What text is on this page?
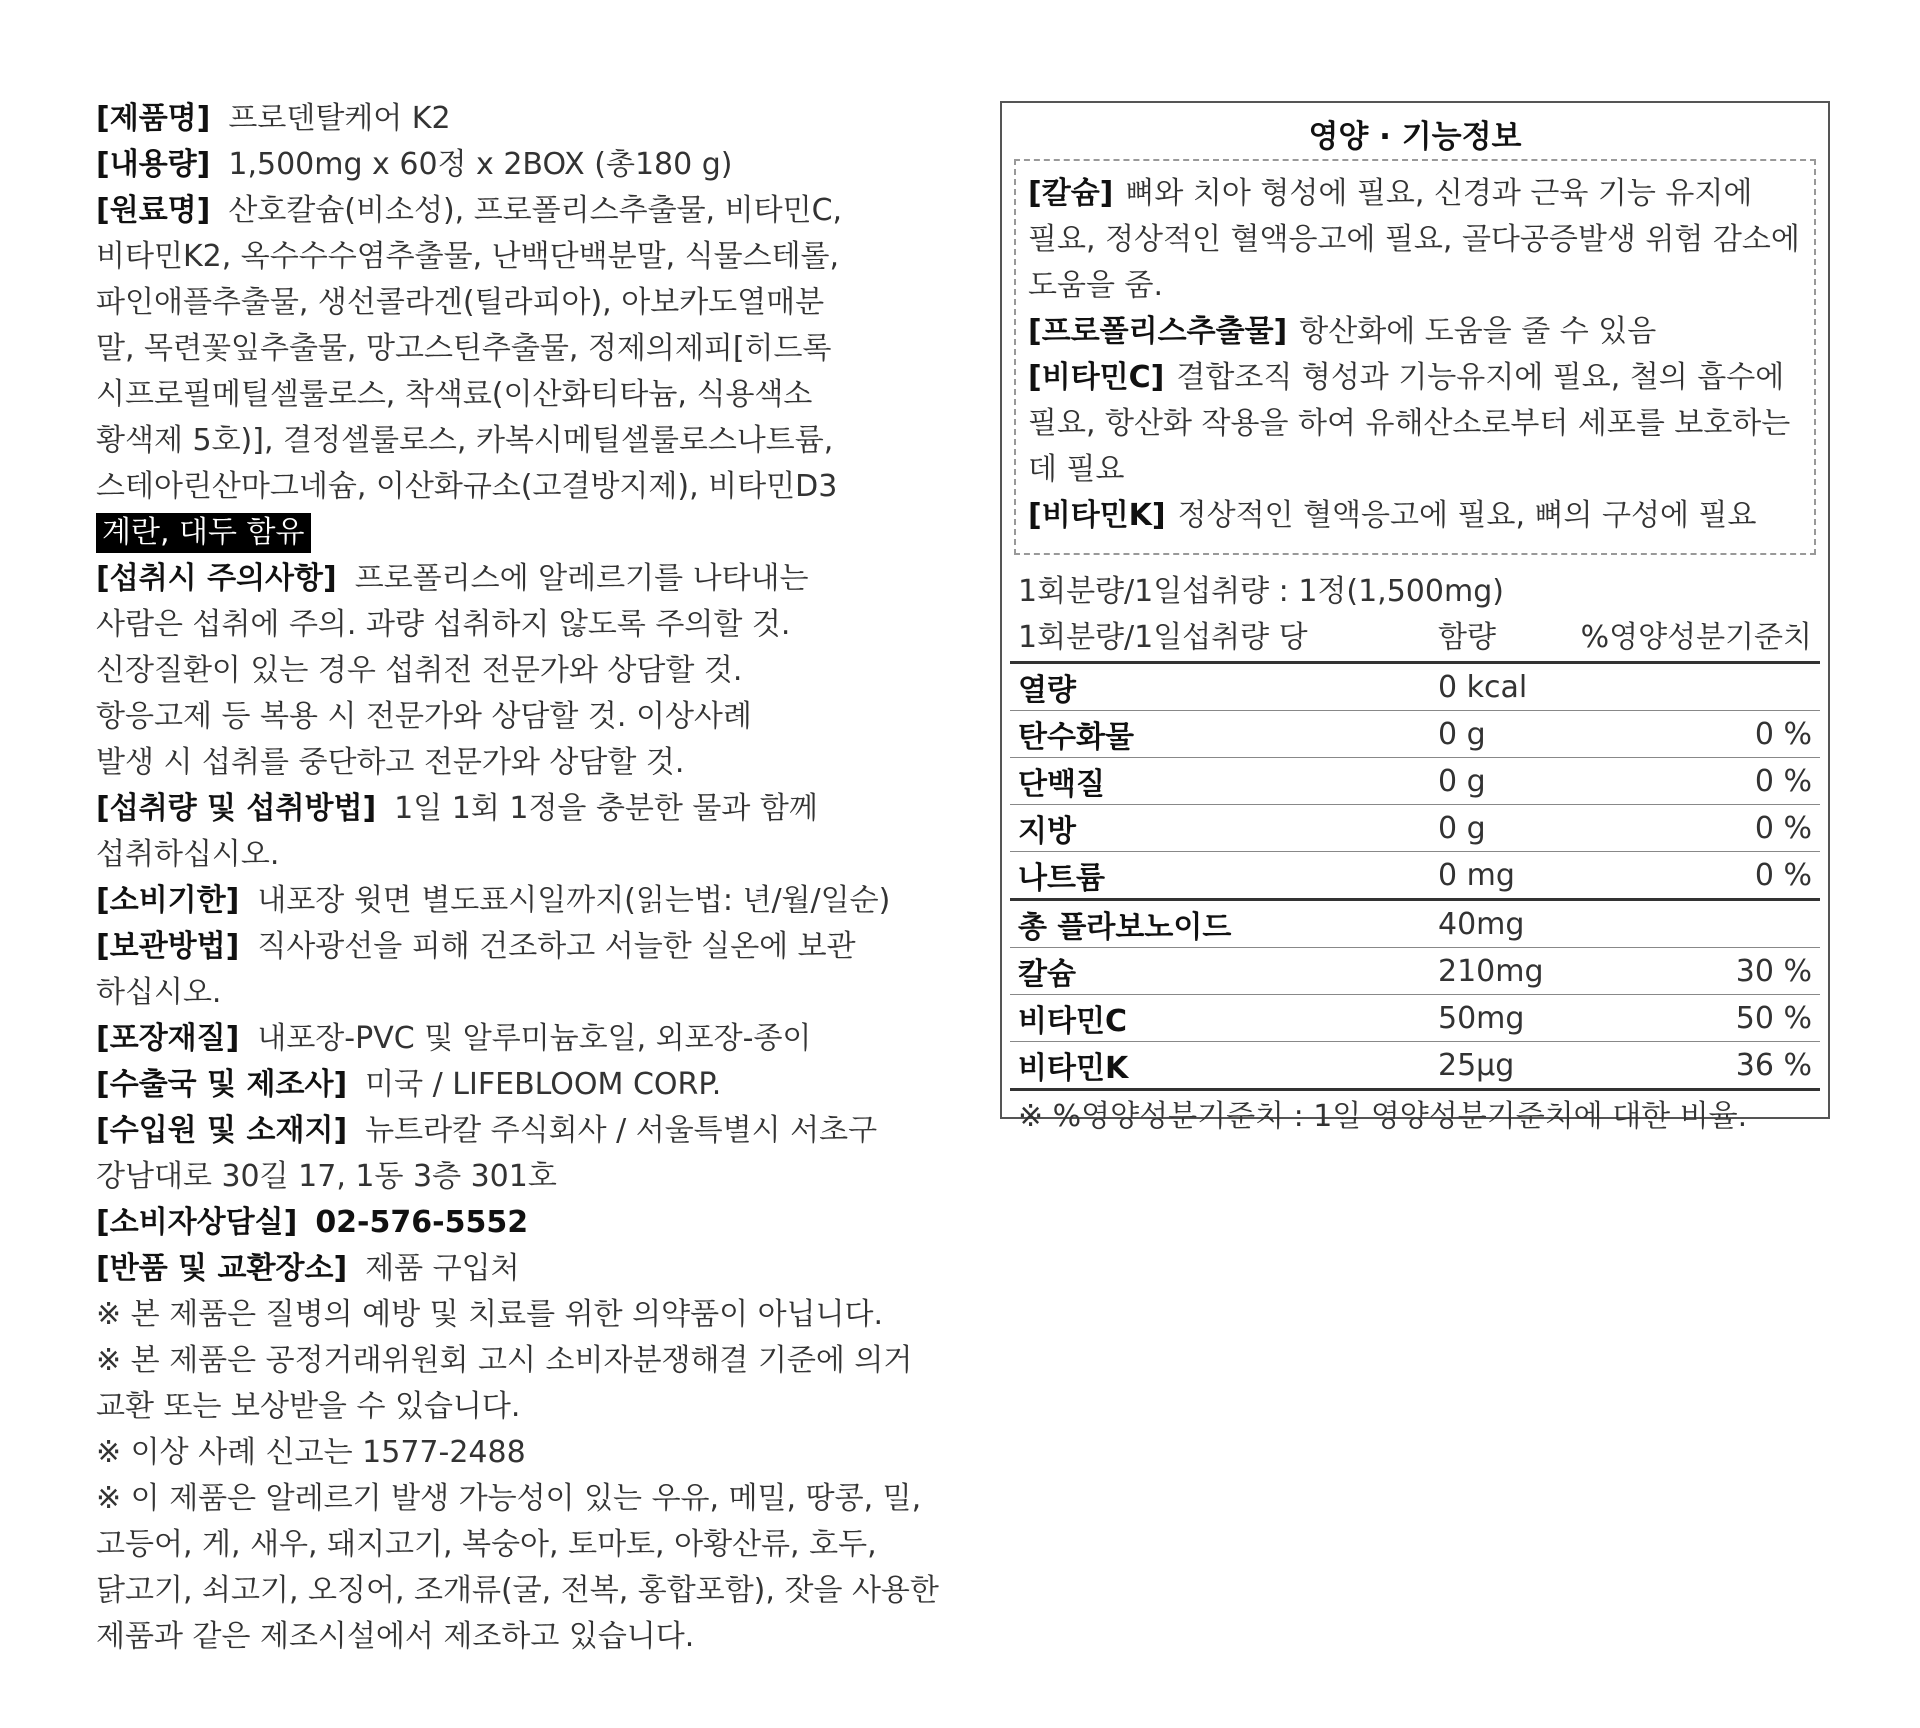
[제품명] 프로덴탈케어 K2

[내용량] 1,500mg x 60정 x 2BOX (총180 g)

[원료명] 산호칼슘(비소성), 프로폴리스추출물, 비타민C,

비타민K2, 옥수수수염추출물, 난백단백분말, 식물스테롤,

파인애플추출물, 생선콜라겐(틸라피아), 아보카도열매분

말, 목련꽃잎추출물, 망고스틴추출물, 정제의제피[히드록

시프로필메틸셀룰로스, 착색료(이산화티타늄, 식용색소

황색제 5호)], 결정셀룰로스, 카복시메틸셀룰로스나트륨,

스테아린산마그네슘, 이산화규소(고결방지제), 비타민D3

계란, 대두 함유

[섭취시 주의사항] 프로폴리스에 알레르기를 나타내는

사람은 섭취에 주의. 과량 섭취하지 않도록 주의할 것.

신장질환이 있는 경우 섭취전 전문가와 상담할 것.

항응고제 등 복용 시 전문가와 상담할 것. 이상사례

발생 시 섭취를 중단하고 전문가와 상담할 것.

[섭취량 및 섭취방법] 1일 1회 1정을 충분한 물과 함께

섭취하십시오.

[소비기한] 내포장 윗면 별도표시일까지(읽는법: 년/월/일순)

[보관방법] 직사광선을 피해 건조하고 서늘한 실온에 보관

하십시오.

[포장재질] 내포장-PVC 및 알루미늄호일, 외포장-종이

[수출국 및 제조사] 미국 / LIFEBLOOM CORP.

[수입원 및 소재지] 뉴트라칼 주식회사 / 서울특별시 서초구

강남대로 30길 17, 1동 3층 301호

[소비자상담실] 02-576-5552

[반품 및 교환장소] 제품 구입처

※ 본 제품은 질병의 예방 및 치료를 위한 의약품이 아닙니다.

※ 본 제품은 공정거래위원회 고시 소비자분쟁해결 기준에 의거

교환 또는 보상받을 수 있습니다.

※ 이상 사례 신고는 1577-2488

※ 이 제품은 알레르기 발생 가능성이 있는 우유, 메밀, 땅콩, 밀,

고등어, 게, 새우, 돼지고기, 복숭아, 토마토, 아황산류, 호두,

닭고기, 쇠고기, 오징어, 조개류(굴, 전복, 홍합포함), 잣을 사용한

제품과 같은 제조시설에서 제조하고 있습니다.

영양 · 기능정보

[칼슘] 뼈와 치아 형성에 필요, 신경과 근육 기능 유지에

필요, 정상적인 혈액응고에 필요, 골다공증발생 위험 감소에

도움을 줌.

[프로폴리스추출물] 항산화에 도움을 줄 수 있음

[비타민C] 결합조직 형성과 기능유지에 필요, 철의 흡수에

필요, 항산화 작용을 하여 유해산소로부터 세포를 보호하는

데 필요

[비타민K] 정상적인 혈액응고에 필요, 뼈의 구성에 필요

1회분량/1일섭취량 : 1정(1,500mg)
1회분량/1일섭취량 당	함량	%영양성분기준치
열량	0 kcal
탄수화물	0 g	0 %
단백질	0 g	0 %
지방	0 g	0 %
나트륨	0 mg	0 %
총 플라보노이드	40mg
칼슘	210mg	30 %
비타민C	50mg	50 %
비타민K	25μg	36 %
※ %영양성분기준치 : 1일 영양성분기준치에 대한 비율.
